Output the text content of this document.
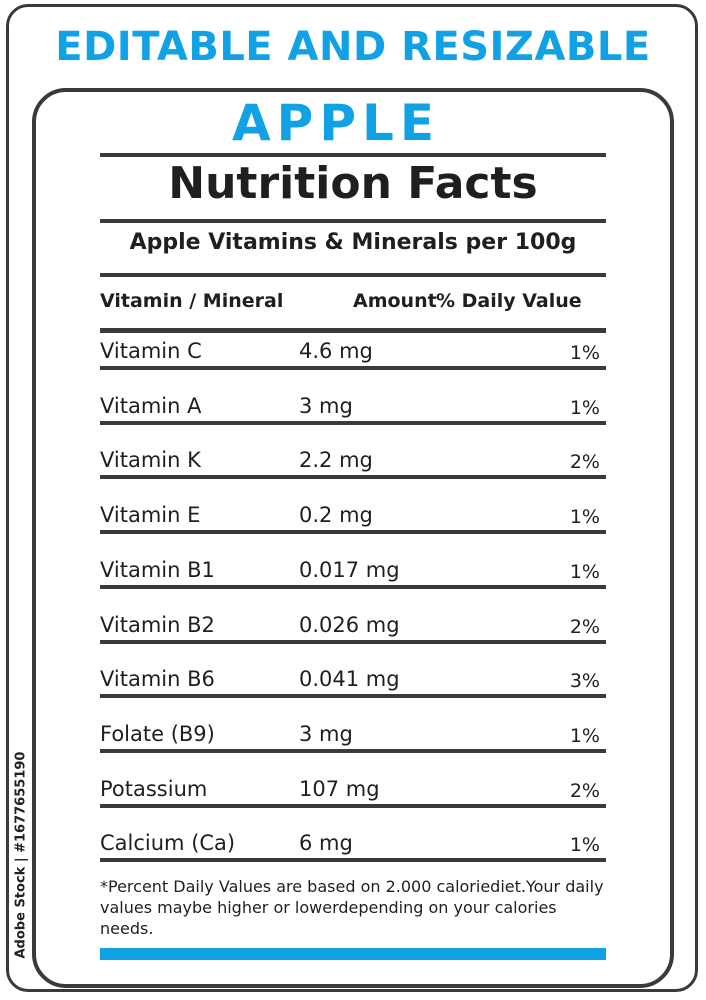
EDITABLE AND RESIZABLE
APPLE
Nutrition Facts
Apple Vitamins & Minerals per 100g
Vitamin / Mineral	Amount % Daily Value
Vitamin C	4.6 mg	1%
Vitamin A	3 mg	1%
Vitamin K	2.2 mg	2%
Vitamin E	0.2 mg	1%
Vitamin B1	0.017 mg	1%
Vitamin B2	0.026 mg	2%
Vitamin B6	0.041 mg	3%
Folate (B9)	3 mg	1%
Potassium	107 mg	2%
Calcium (Ca)	6 mg	1%
*Percent Daily Values are based on 2.000 caloriediet.Your daily values maybe higher or lowerdepending on your calories needs.
Adobe Stock | #1677655190
